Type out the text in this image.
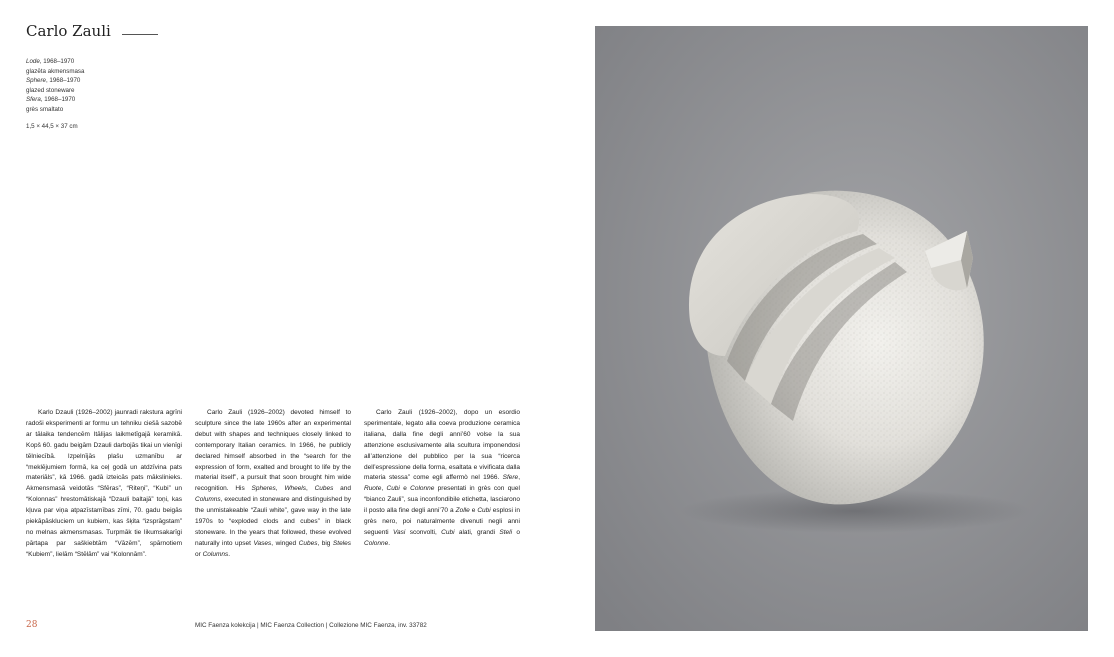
Carlo Zauli
Lode, 1968–1970
glazēta akmensmasa
Sphere, 1968–1970
glazed stoneware
Sfera, 1968–1970
grès smaltato
1,5 × 44,5 × 37 cm

Karlo Dzauli (1926–2002) jaunradi rakstura agrīni radoši eksperimenti ar formu un tehniku ciešā sazobē ar tālaika tendencēm Itālijas laikmetīgajā keramikā. Kopš 60. gadu beigām Dzauli darbojās tikai un vienīgi tēlniecībā. Izpelnījās plašu uzmanību ar “meklējumiem formā, ka ceļ godā un atdzīvina pats materiāls”, kā 1966. gadā izteicās pats mākslinieks. Akmensmasā veidotās “Sfēras”, “Riteņi”, “Kubi” un “Kolonnas” hrestomātiskajā “Dzauli baltajā” toņi, kas kļuva par viņa atpazīstamības zīmi, 70. gadu beigās piekāpāskluciem un kubiem, kas šķita “izsprāgstam” no melnas akmensmasas. Turpmāk tie likumsakarīgi pārtapa par saškiebtām “Vāzēm”, spārnotiem “Kubiem”, lielām “Stēlām” vai “Kolonnām”.

Carlo Zauli (1926–2002) devoted himself to sculpture since the late 1960s after an experimental debut with shapes and techniques closely linked to contemporary Italian ceramics. In 1966, he publicly declared himself absorbed in the “search for the expression of form, exalted and brought to life by the material itself”, a pursuit that soon brought him wide recognition. His Spheres, Wheels, Cubes and Columns, executed in stoneware and distinguished by the unmistakeable “Zauli white”, gave way in the late 1970s to “exploded clods and cubes” in black stoneware. In the years that followed, these evolved naturally into upset Vases, winged Cubes, big Steles or Columns.

Carlo Zauli (1926–2002), dopo un esordio sperimentale, legato alla coeva produzione ceramica italiana, dalla fine degli anni’60 volse la sua attenzione esclusivamente alla scultura imponendosi all’attenzione del pubblico per la sua “ricerca dell’espressione della forma, esaltata e vivificata dalla materia stessa” come egli affermò nel 1966. Sfere, Ruote, Cubi e Colonne presentati in grès con quel “bianco Zauli”, sua inconfondibile etichetta, lasciarono il posto alla fine degli anni’70 a Zolle e Cubi esplosi in grès nero, poi naturalmente divenuti negli anni seguenti Vasi sconvolti, Cubi alati, grandi Steli o Colonne.

28	MIC Faenza kolekcija | MIC Faenza Collection | Collezione MIC Faenza, inv. 33782
